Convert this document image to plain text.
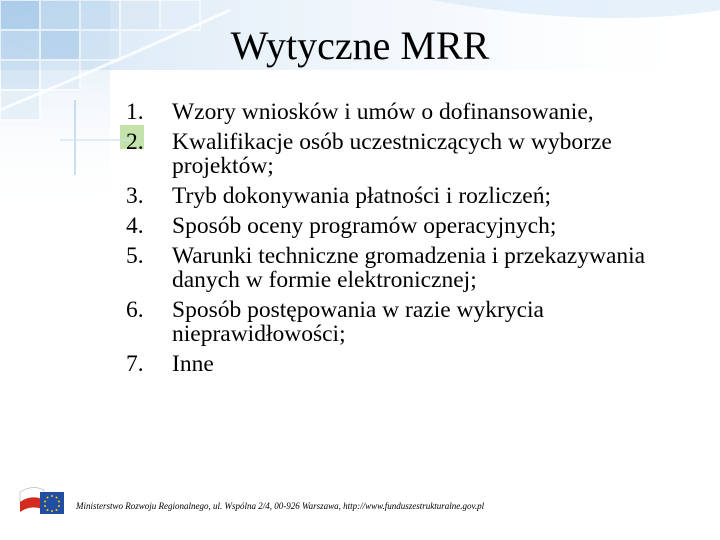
Wytyczne MRR
1.	Wzory wniosków i umów o dofinansowanie,
2.	Kwalifikacje osób uczestniczących w wyborze projektów;
3.	Tryb dokonywania płatności i rozliczeń;
4.	Sposób oceny programów operacyjnych;
5.	Warunki techniczne gromadzenia i przekazywania danych w formie elektronicznej;
6.	Sposób postępowania w razie wykrycia nieprawidłowości;
7.	Inne
Ministerstwo Rozwoju Regionalnego, ul. Wspólna 2/4, 00-926 Warszawa, http://www.funduszestrukturalne.gov.pl
